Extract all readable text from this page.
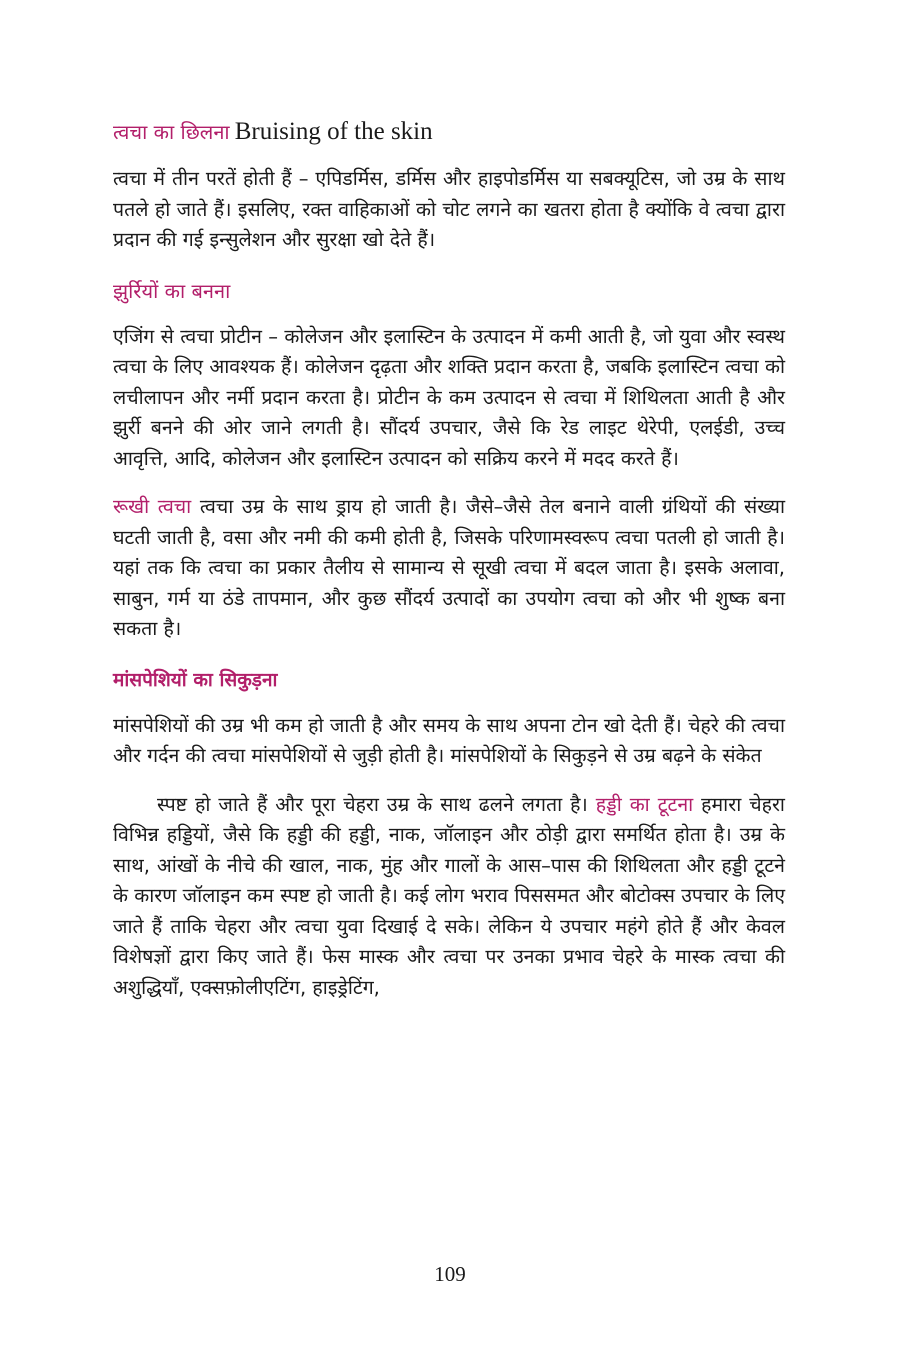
त्वचा का छिलना Bruising of the skin

त्वचा में तीन परतें होती हैं – एपिडर्मिस, डर्मिस और हाइपोडर्मिस या सबक्यूटिस, जो उम्र के साथ पतले हो जाते हैं। इसलिए, रक्त वाहिकाओं को चोट लगने का खतरा होता है क्योंकि वे त्वचा द्वारा प्रदान की गई इन्सुलेशन और सुरक्षा खो देते हैं।

झुर्रियों का बनना

एजिंग से त्वचा प्रोटीन – कोलेजन और इलास्टिन के उत्पादन में कमी आती है, जो युवा और स्वस्थ त्वचा के लिए आवश्यक हैं। कोलेजन दृढ़ता और शक्ति प्रदान करता है, जबकि इलास्टिन त्वचा को लचीलापन और नर्मी प्रदान करता है। प्रोटीन के कम उत्पादन से त्वचा में शिथिलता आती है और झुर्री बनने की ओर जाने लगती है। सौंदर्य उपचार, जैसे कि रेड लाइट थेरेपी, एलईडी, उच्च आवृत्ति, आदि, कोलेजन और इलास्टिन उत्पादन को सक्रिय करने में मदद करते हैं।

रूखी त्वचा त्वचा उम्र के साथ ड्राय हो जाती है। जैसे–जैसे तेल बनाने वाली ग्रंथियों की संख्या घटती जाती है, वसा और नमी की कमी होती है, जिसके परिणामस्वरूप त्वचा पतली हो जाती है। यहां तक कि त्वचा का प्रकार तैलीय से सामान्य से सूखी त्वचा में बदल जाता है। इसके अलावा, साबुन, गर्म या ठंडे तापमान, और कुछ सौंदर्य उत्पादों का उपयोग त्वचा को और भी शुष्क बना सकता है।

मांसपेशियों का सिकुड़ना

मांसपेशियों की उम्र भी कम हो जाती है और समय के साथ अपना टोन खो देती हैं। चेहरे की त्वचा और गर्दन की त्वचा मांसपेशियों से जुड़ी होती है। मांसपेशियों के सिकुड़ने से उम्र बढ़ने के संकेत

स्पष्ट हो जाते हैं और पूरा चेहरा उम्र के साथ ढलने लगता है। हड्डी का टूटना हमारा चेहरा विभिन्न हड्डियों, जैसे कि हड्डी की हड्डी, नाक, जॉलाइन और ठोड़ी द्वारा समर्थित होता है। उम्र के साथ, आंखों के नीचे की खाल, नाक, मुंह और गालों के आस–पास की शिथिलता और हड्डी टूटने के कारण जॉलाइन कम स्पष्ट हो जाती है। कई लोग भराव पिससमत और बोटोक्स उपचार के लिए जाते हैं ताकि चेहरा और त्वचा युवा दिखाई दे सके। लेकिन ये उपचार महंगे होते हैं और केवल विशेषज्ञों द्वारा किए जाते हैं। फेस मास्क और त्वचा पर उनका प्रभाव चेहरे के मास्क त्वचा की अशुद्धियाँ, एक्सफ़ोलीएटिंग, हाइड्रेटिंग,

109
